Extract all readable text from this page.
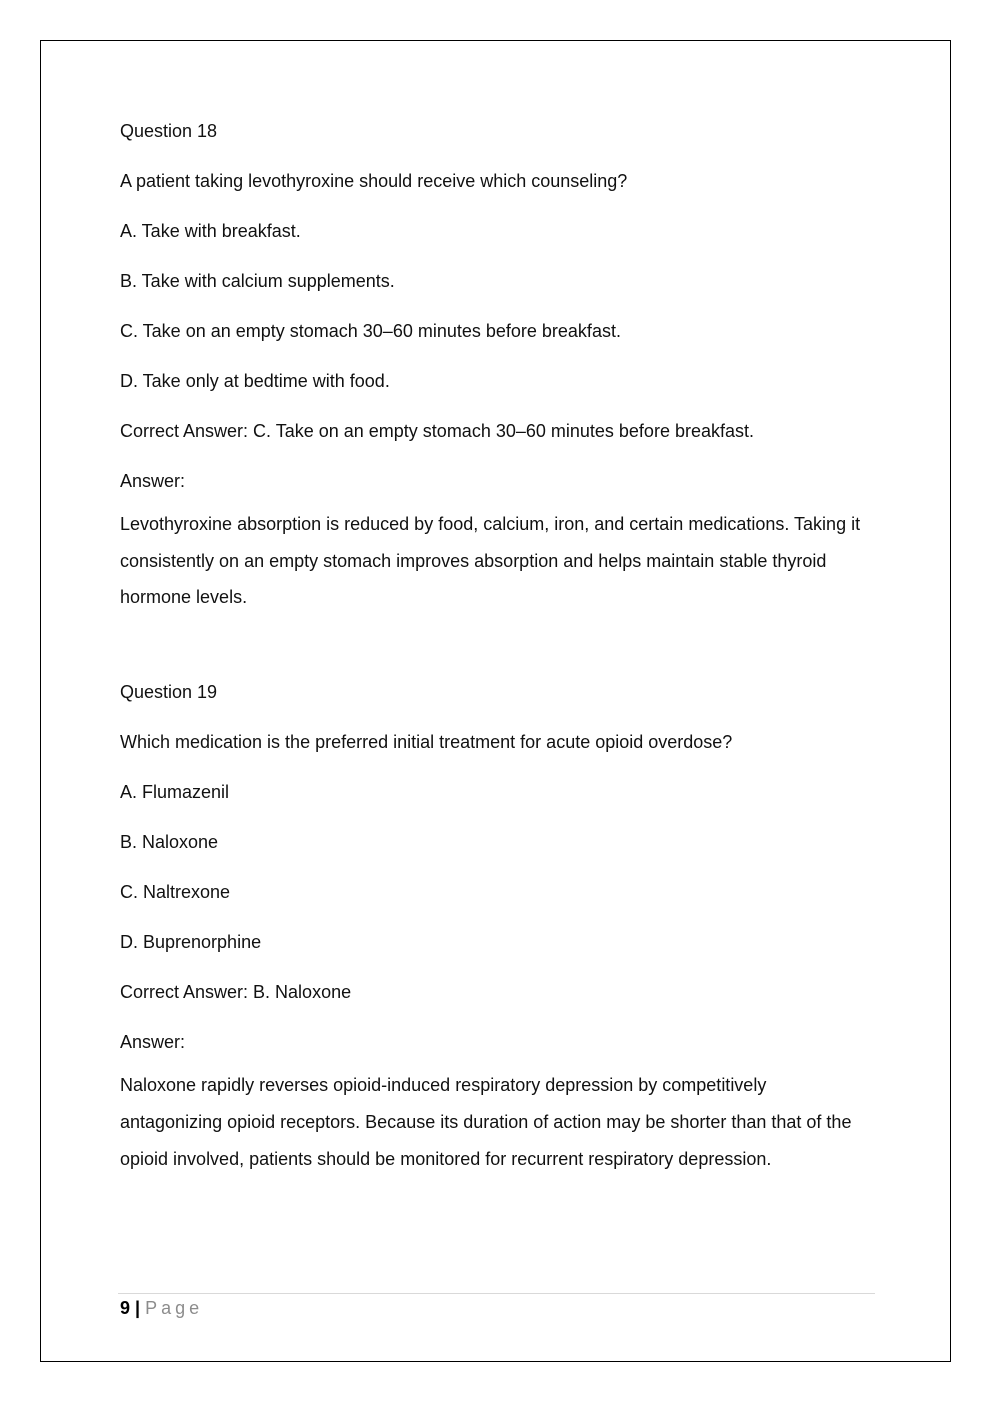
Question 18

A patient taking levothyroxine should receive which counseling?

A. Take with breakfast.

B. Take with calcium supplements.

C. Take on an empty stomach 30–60 minutes before breakfast.

D. Take only at bedtime with food.

Correct Answer: C. Take on an empty stomach 30–60 minutes before breakfast.

Answer:

Levothyroxine absorption is reduced by food, calcium, iron, and certain medications. Taking it consistently on an empty stomach improves absorption and helps maintain stable thyroid hormone levels.

Question 19

Which medication is the preferred initial treatment for acute opioid overdose?

A. Flumazenil

B. Naloxone

C. Naltrexone

D. Buprenorphine

Correct Answer: B. Naloxone

Answer:

Naloxone rapidly reverses opioid-induced respiratory depression by competitively antagonizing opioid receptors. Because its duration of action may be shorter than that of the opioid involved, patients should be monitored for recurrent respiratory depression.

9 | Page
